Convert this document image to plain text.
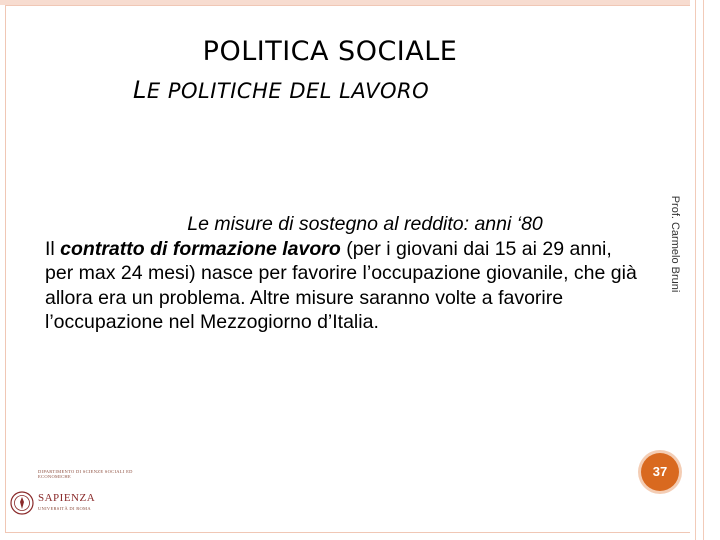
POLITICA SOCIALE
LE POLITICHE DEL LAVORO
Le misure di sostegno al reddito: anni ‘80
Il contratto di formazione lavoro (per i giovani dai 15 ai 29 anni, per max 24 mesi) nasce per favorire l’occupazione giovanile, che già allora era un problema. Altre misure saranno volte a favorire l’occupazione nel Mezzogiorno d’Italia.
Prof. Carmelo Bruni
37
DIPARTIMENTO DI SCIENZE SOCIALI ED ECONOMICHE
SAPIENZA
UNIVERSITÀ DI ROMA
